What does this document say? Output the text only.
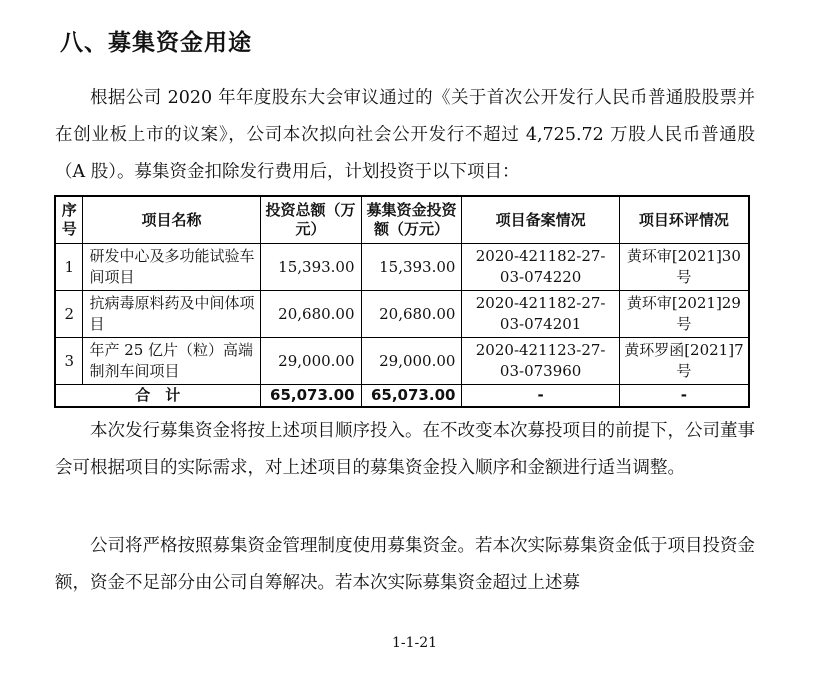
八、募集资金用途

根据公司 2020 年年度股东大会审议通过的《关于首次公开发行人民币普通股股票并在创业板上市的议案》，公司本次拟向社会公开发行不超过 4,725.72 万股人民币普通股（A 股）。募集资金扣除发行费用后，计划投资于以下项目：

序号	项目名称	投资总额（万元）	募集资金投资额（万元）	项目备案情况	项目环评情况
1	研发中心及多功能试验车间项目	15,393.00	15,393.00	2020-421182-27-03-074220	黄环审[2021]30 号
2	抗病毒原料药及中间体项目	20,680.00	20,680.00	2020-421182-27-03-074201	黄环审[2021]29 号
3	年产 25 亿片（粒）高端制剂车间项目	29,000.00	29,000.00	2020-421123-27-03-073960	黄环罗函[2021]7 号
合　计		65,073.00	65,073.00	-	-

本次发行募集资金将按上述项目顺序投入。在不改变本次募投项目的前提下，公司董事会可根据项目的实际需求，对上述项目的募集资金投入顺序和金额进行适当调整。

公司将严格按照募集资金管理制度使用募集资金。若本次实际募集资金低于项目投资金额，资金不足部分由公司自筹解决。若本次实际募集资金超过上述募

1-1-21
